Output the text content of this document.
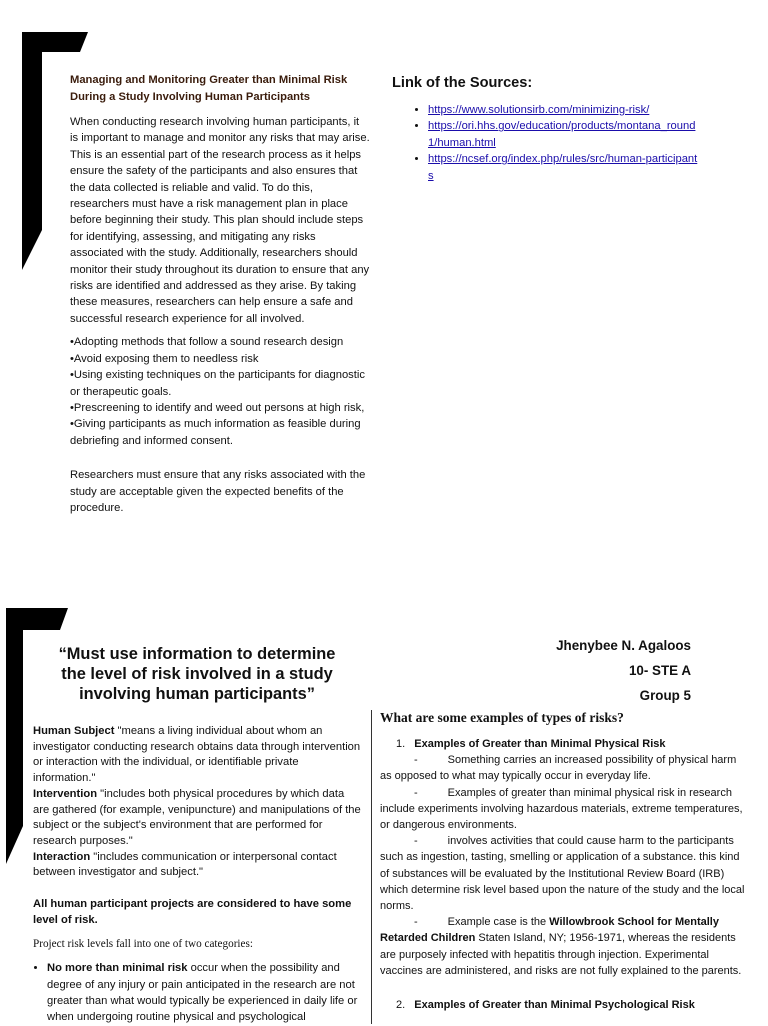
Managing and Monitoring Greater than Minimal Risk During a Study Involving Human Participants

When conducting research involving human participants, it is important to manage and monitor any risks that may arise. This is an essential part of the research process as it helps ensure the safety of the participants and also ensures that the data collected is reliable and valid. To do this, researchers must have a risk management plan in place before beginning their study. This plan should include steps for identifying, assessing, and mitigating any risks associated with the study. Additionally, researchers should monitor their study throughout its duration to ensure that any risks are identified and addressed as they arise. By taking these measures, researchers can help ensure a safe and successful research experience for all involved.

• Adopting methods that follow a sound research design
• Avoid exposing them to needless risk
• Using existing techniques on the participants for diagnostic or therapeutic goals.
• Prescreening to identify and weed out persons at high risk,
• Giving participants as much information as feasible during debriefing and informed consent.

Researchers must ensure that any risks associated with the study are acceptable given the expected benefits of the procedure.

Link of the Sources:
• https://www.solutionsirb.com/minimizing-risk/
• https://ori.hhs.gov/education/products/montana_round1/human.html
• https://ncsef.org/index.php/rules/src/human-participants

“Must use information to determine the level of risk involved in a study involving human participants”

Human Subject "means a living individual about whom an investigator conducting research obtains data through intervention or interaction with the individual, or identifiable private information."

Intervention "includes both physical procedures by which data are gathered (for example, venipuncture) and manipulations of the subject or the subject's environment that are performed for research purposes."

Interaction "includes communication or interpersonal contact between investigator and subject."

All human participant projects are considered to have some level of risk.

Project risk levels fall into one of two categories:

• No more than minimal risk occur when the possibility and degree of any injury or pain anticipated in the research are not greater than what would typically be experienced in daily life or when undergoing routine physical and psychological
Jhenybee N. Agaloos
10- STE A
Group 5
What are some examples of types of risks?
1. Examples of Greater than Minimal Physical Risk

-	Something carries an increased possibility of physical harm as opposed to what may typically occur in everyday life.

-	Examples of greater than minimal physical risk in research include experiments involving hazardous materials, extreme temperatures, or dangerous environments.

-	involves activities that could cause harm to the participants such as ingestion, tasting, smelling or application of a substance. this kind of substances will be evaluated by the Institutional Review Board (IRB) which determine risk level based upon the nature of the study and the local norms.

-	Example case is the Willowbrook School for Mentally Retarded Children Staten Island, NY; 1956-1971, whereas the residents are purposely infected with hepatitis through injection. Experimental vaccines are administered, and risks are not fully explained to the parents.

2. Examples of Greater than Minimal Psychological Risk
